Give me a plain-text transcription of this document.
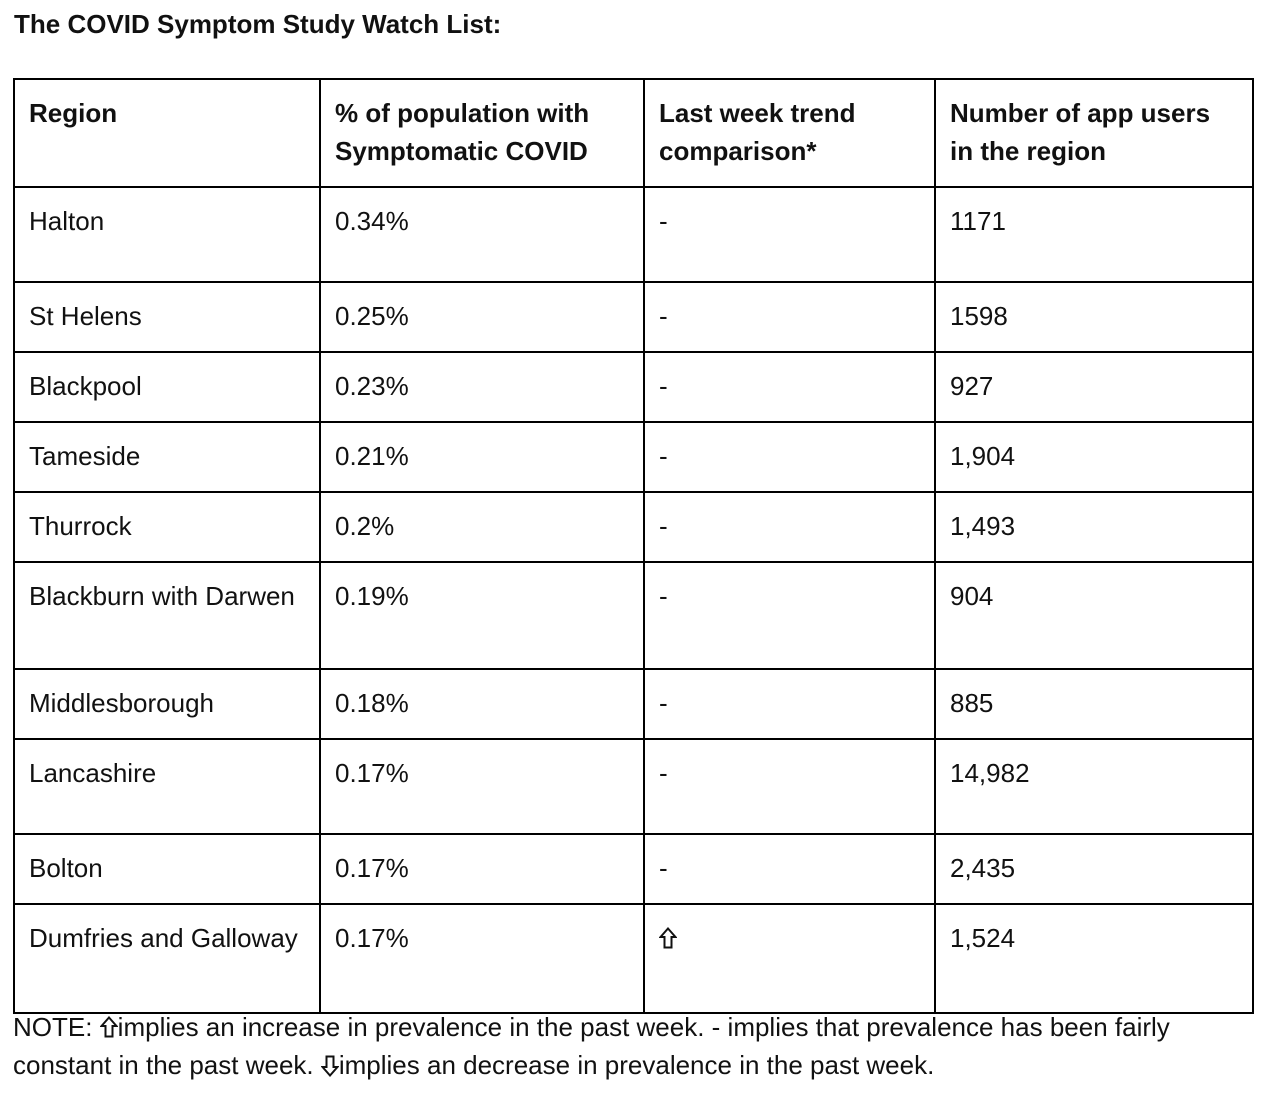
The COVID Symptom Study Watch List:
Region	% of population with Symptomatic COVID	Last week trend comparison*	Number of app users in the region
Halton	0.34%	-	1171
St Helens	0.25%	-	1598
Blackpool	0.23%	-	927
Tameside	0.21%	-	1,904
Thurrock	0.2%	-	1,493
Blackburn with Darwen	0.19%	-	904
Middlesborough	0.18%	-	885
Lancashire	0.17%	-	14,982
Bolton	0.17%	-	2,435
Dumfries and Galloway	0.17%		1,524

NOTE: implies an increase in prevalence in the past week. - implies that prevalence has been fairly constant in the past week. implies an decrease in prevalence in the past week.
